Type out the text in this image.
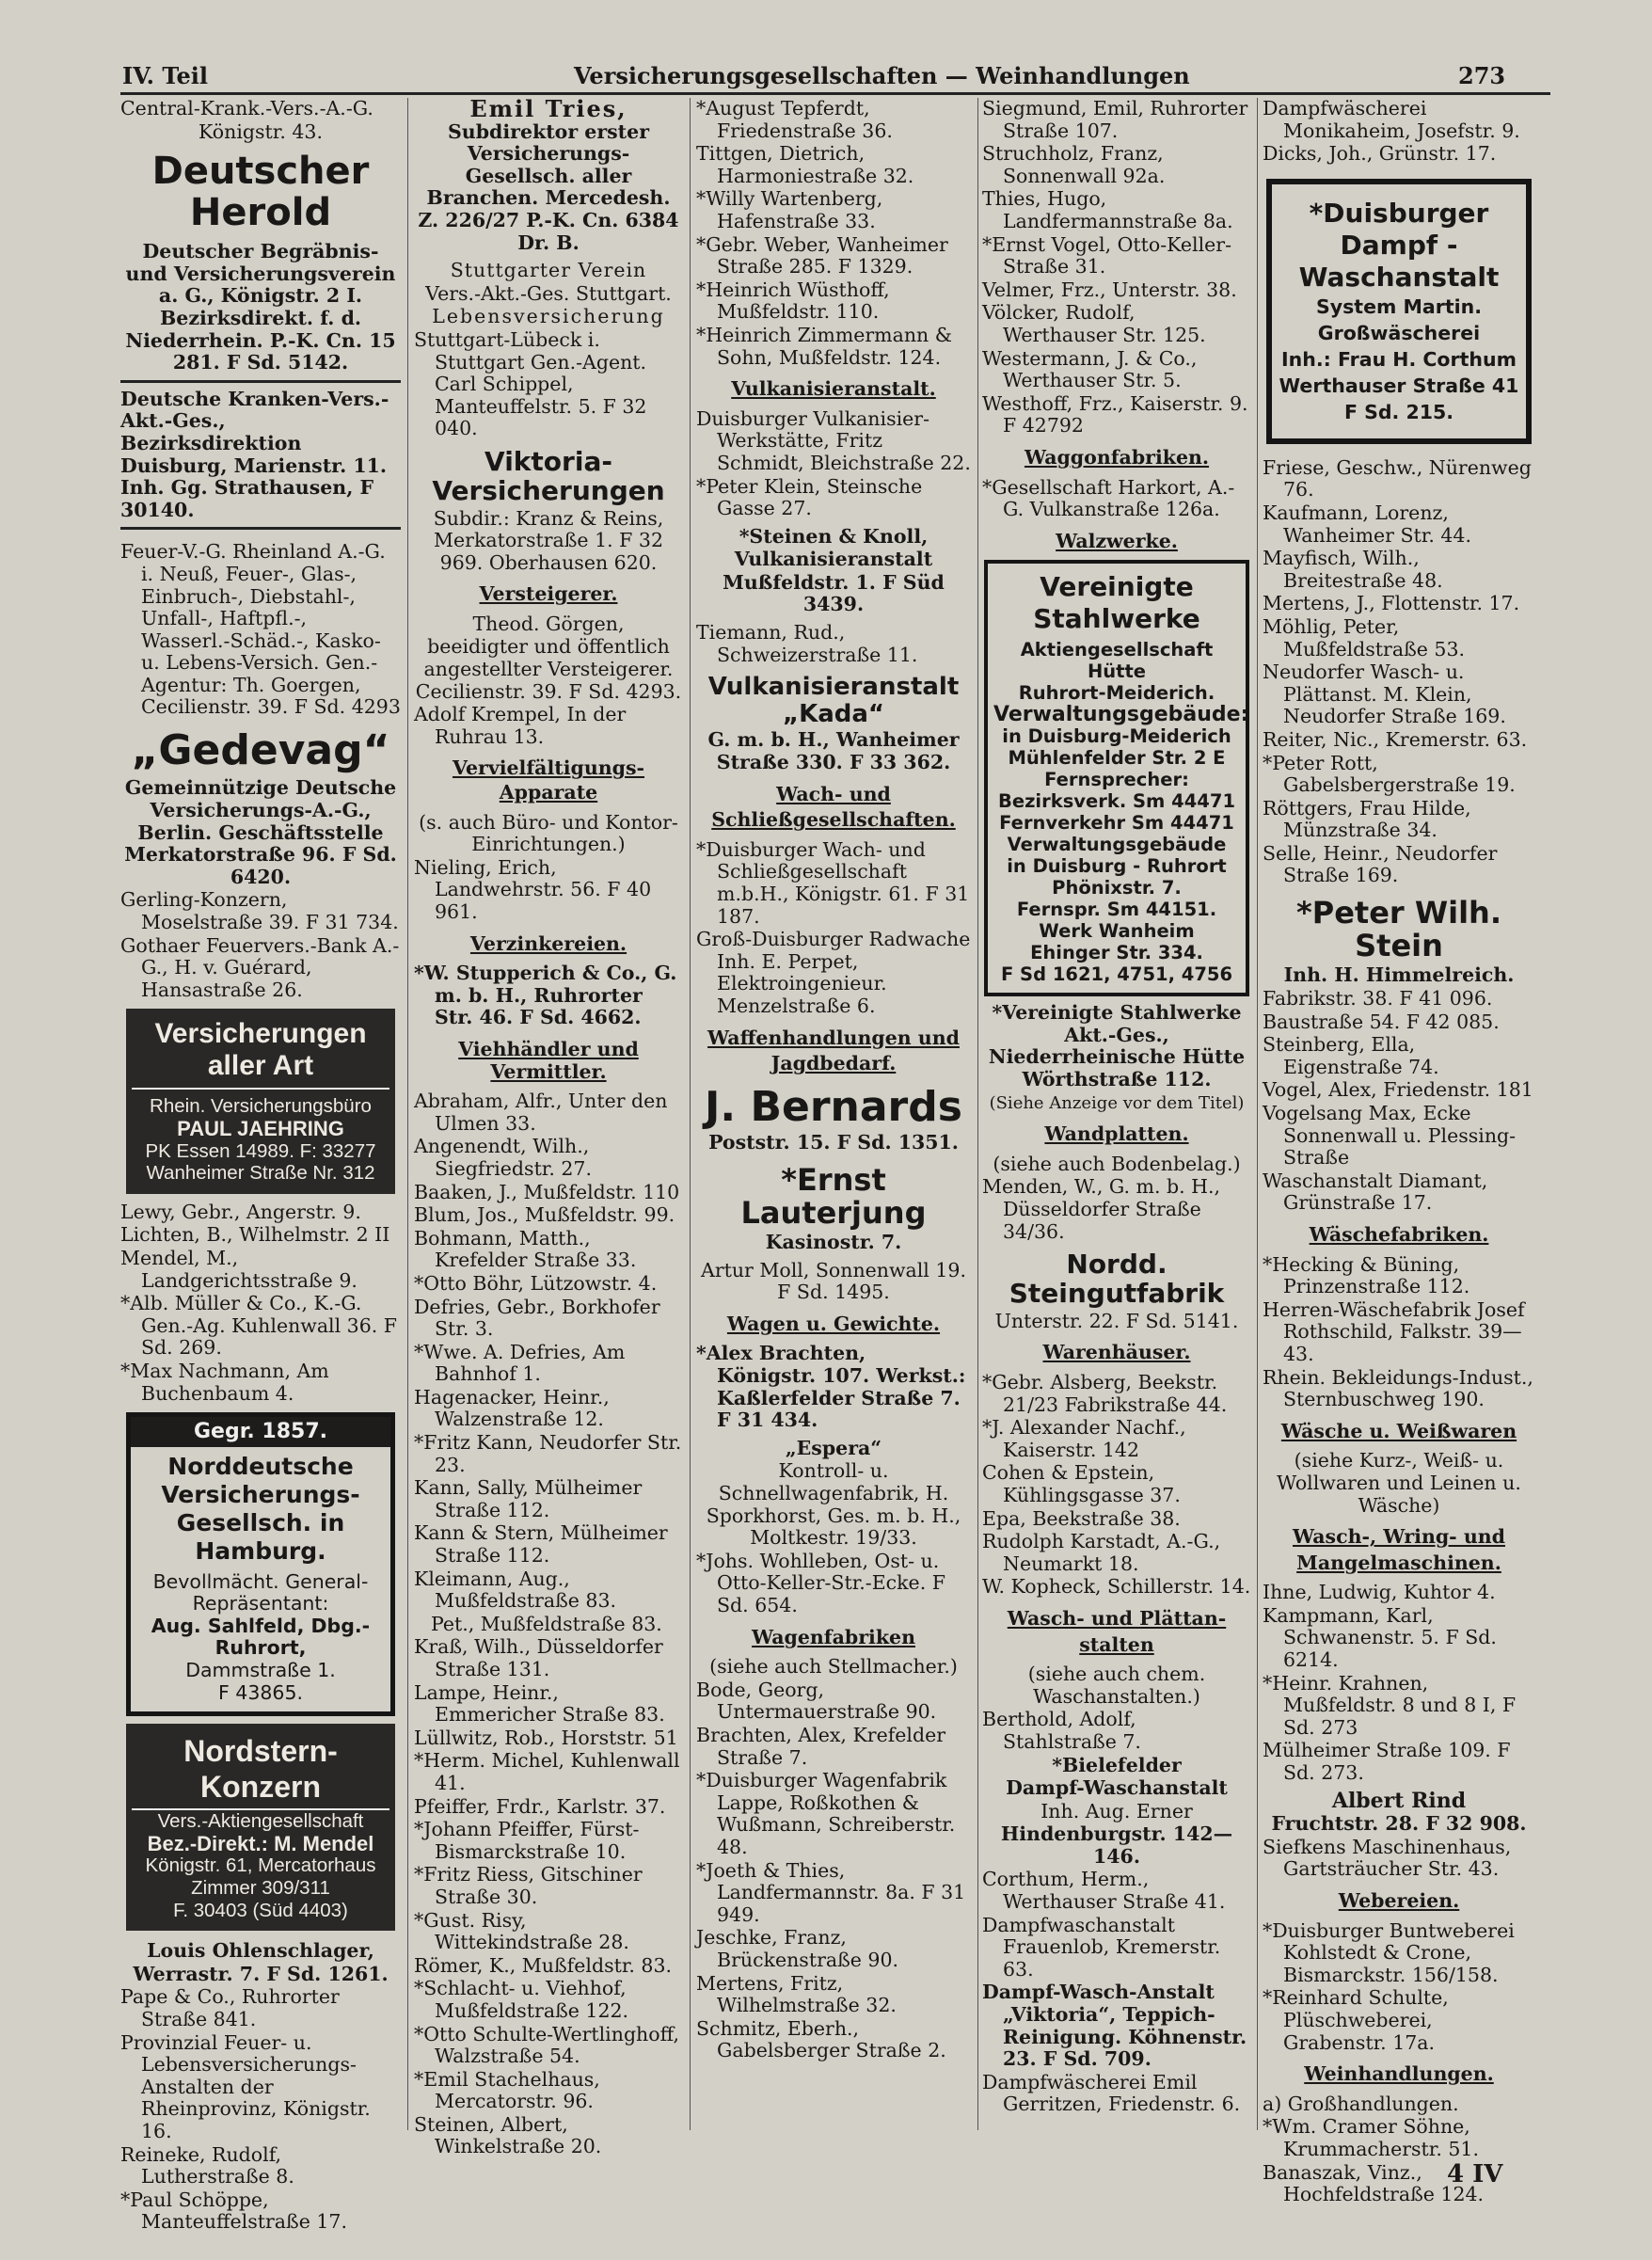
IV. Teil	Versicherungsgesellschaften — Weinhandlungen	273

Central-Krank.-Vers.-A.-G.

Königstr. 43.

Deutscher Herold

Deutscher Begräbnis- und Versicherungsverein a. G., Königstr. 2 I. Bezirksdirekt. f. d. Niederrhein. P.-K. Cn. 15 281. F Sd. 5142.

Deutsche Kranken-Vers.-Akt.-Ges., Bezirksdirektion Duisburg, Marienstr. 11. Inh. Gg. Strathausen, F 30140.

Feuer-V.-G. Rheinland A.-G. i. Neuß, Feuer-, Glas-, Einbruch-, Diebstahl-, Unfall-, Haftpfl.-, Wasserl.-Schäd.-, Kasko- u. Lebens-Versich. Gen.-Agentur: Th. Goergen, Cecilienstr. 39. F Sd. 4293

„Gedevag“

Gemeinnützige Deutsche Versicherungs-A.-G., Berlin. Geschäftsstelle Merkatorstraße 96. F Sd. 6420.

Gerling-Konzern, Moselstraße 39. F 31 734.

Gothaer Feuervers.-Bank A.-G., H. v. Guérard, Hansastraße 26.

Versicherungen aller Art
Rhein. Versicherungsbüro
PAUL JAEHRING
PK Essen 14989. F: 33277
Wanheimer Straße Nr. 312

Lewy, Gebr., Angerstr. 9.

Lichten, B., Wilhelmstr. 2 II

Mendel, M., Landgerichtsstraße 9.

*Alb. Müller & Co., K.-G. Gen.-Ag. Kuhlenwall 36. F Sd. 269.

*Max Nachmann, Am Buchenbaum 4.

Gegr. 1857.
Norddeutsche Versicherungs-Gesellsch. in Hamburg.
Bevollmächt. General-Repräsentant:
Aug. Sahlfeld, Dbg.-Ruhrort,
Dammstraße 1.
F 43865.
Nordstern-Konzern
Vers.-Aktiengesellschaft
Bez.-Direkt.: M. Mendel
Königstr. 61, Mercatorhaus
Zimmer 309/311
F. 30403 (Süd 4403)

Louis Ohlenschlager,

Werrastr. 7. F Sd. 1261.

Pape & Co., Ruhrorter Straße 841.

Provinzial Feuer- u. Lebensversicherungs-Anstalten der Rheinprovinz, Königstr. 16.

Reineke, Rudolf, Lutherstraße 8.

*Paul Schöppe, Manteuffelstraße 17.

Emil Tries,

Subdirektor erster Versicherungs-Gesellsch. aller Branchen. Mercedesh. Z. 226/27 P.-K. Cn. 6384 Dr. B.

Stuttgarter Verein

Vers.-Akt.-Ges. Stuttgart.

Lebensversicherung

Stuttgart-Lübeck i. Stuttgart Gen.-Agent. Carl Schippel, Manteuffelstr. 5. F 32 040.

Viktoria-Versicherungen

Subdir.: Kranz & Reins, Merkatorstraße 1. F 32 969. Oberhausen 620.

Versteigerer.

Theod. Görgen,

beeidigter und öffentlich angestellter Versteigerer. Cecilienstr. 39. F Sd. 4293.

Adolf Krempel, In der Ruhrau 13.

Vervielfältigungs-

Apparate

(s. auch Büro- und Kontor-Einrichtungen.)

Nieling, Erich, Landwehrstr. 56. F 40 961.

Verzinkereien.

*W. Stupperich & Co., G. m. b. H., Ruhrorter Str. 46. F Sd. 4662.

Viehhändler und Vermittler.

Abraham, Alfr., Unter den Ulmen 33.

Angenendt, Wilh., Siegfriedstr. 27.

Baaken, J., Mußfeldstr. 110

Blum, Jos., Mußfeldstr. 99.

Bohmann, Matth., Krefelder Straße 33.

*Otto Böhr, Lützowstr. 4.

Defries, Gebr., Borkhofer Str. 3.

*Wwe. A. Defries, Am Bahnhof 1.

Hagenacker, Heinr., Walzenstraße 12.

*Fritz Kann, Neudorfer Str. 23.

Kann, Sally, Mülheimer Straße 112.

Kann & Stern, Mülheimer Straße 112.

Kleimann, Aug., Mußfeldstraße 83.

Pet., Mußfeldstraße 83.

Kraß, Wilh., Düsseldorfer Straße 131.

Lampe, Heinr., Emmericher Straße 83.

Lüllwitz, Rob., Horststr. 51

*Herm. Michel, Kuhlenwall 41.

Pfeiffer, Frdr., Karlstr. 37.

*Johann Pfeiffer, Fürst-Bismarckstraße 10.

*Fritz Riess, Gitschiner Straße 30.

*Gust. Risy, Wittekindstraße 28.

Römer, K., Mußfeldstr. 83.

*Schlacht- u. Viehhof, Mußfeldstraße 122.

*Otto Schulte-Wertlinghoff, Walzstraße 54.

*Emil Stachelhaus, Mercatorstr. 96.

Steinen, Albert, Winkelstraße 20.

*August Tepferdt, Friedenstraße 36.

Tittgen, Dietrich, Harmoniestraße 32.

*Willy Wartenberg, Hafenstraße 33.

*Gebr. Weber, Wanheimer Straße 285. F 1329.

*Heinrich Wüsthoff, Mußfeldstr. 110.

*Heinrich Zimmermann & Sohn, Mußfeldstr. 124.

Vulkanisieranstalt.

Duisburger Vulkanisier-Werkstätte, Fritz Schmidt, Bleichstraße 22.

*Peter Klein, Steinsche Gasse 27.

*Steinen & Knoll,

Vulkanisieranstalt

Mußfeldstr. 1. F Süd 3439.

Tiemann, Rud., Schweizerstraße 11.

Vulkanisieranstalt „Kada“

G. m. b. H., Wanheimer Straße 330. F 33 362.

Wach- und

Schließgesellschaften.

*Duisburger Wach- und Schließgesellschaft m.b.H., Königstr. 61. F 31 187.

Groß-Duisburger Radwache Inh. E. Perpet, Elektroingenieur. Menzelstraße 6.

Waffenhandlungen und

Jagdbedarf.

J. Bernards

Poststr. 15. F Sd. 1351.

*Ernst Lauterjung

Kasinostr. 7.

Artur Moll, Sonnenwall 19. F Sd. 1495.

Wagen u. Gewichte.

*Alex Brachten, Königstr. 107. Werkst.: Kaßlerfelder Straße 7. F 31 434.

„Espera“

Kontroll- u. Schnellwagenfabrik, H. Sporkhorst, Ges. m. b. H., Moltkestr. 19/33.

*Johs. Wohlleben, Ost- u. Otto-Keller-Str.-Ecke. F Sd. 654.

Wagenfabriken

(siehe auch Stellmacher.)

Bode, Georg, Untermauerstraße 90.

Brachten, Alex, Krefelder Straße 7.

*Duisburger Wagenfabrik Lappe, Roßkothen & Wußmann, Schreiberstr. 48.

*Joeth & Thies, Landfermannstr. 8a. F 31 949.

Jeschke, Franz, Brückenstraße 90.

Mertens, Fritz, Wilhelmstraße 32.

Schmitz, Eberh., Gabelsberger Straße 2.

Siegmund, Emil, Ruhrorter Straße 107.

Struchholz, Franz, Sonnenwall 92a.

Thies, Hugo, Landfermannstraße 8a.

*Ernst Vogel, Otto-Keller-Straße 31.

Velmer, Frz., Unterstr. 38.

Völcker, Rudolf, Werthauser Str. 125.

Westermann, J. & Co., Werthauser Str. 5.

Westhoff, Frz., Kaiserstr. 9. F 42792

Waggonfabriken.

*Gesellschaft Harkort, A.-G. Vulkanstraße 126a.

Walzwerke.

Vereinigte Stahlwerke
Aktiengesellschaft
Hütte
Ruhrort-Meiderich.
Verwaltungsgebäude:
in Duisburg-Meiderich
Mühlenfelder Str. 2 E
Fernsprecher:
Bezirksverk. Sm 44471
Fernverkehr Sm 44471
Verwaltungsgebäude
in Duisburg - Ruhrort
Phönixstr. 7.
Fernspr. Sm 44151.
Werk Wanheim
Ehinger Str. 334.
F Sd 1621, 4751, 4756

*Vereinigte Stahlwerke Akt.-Ges., Niederrheinische Hütte Wörthstraße 112.

(Siehe Anzeige vor dem Titel)

Wandplatten.

(siehe auch Bodenbelag.)

Menden, W., G. m. b. H., Düsseldorfer Straße 34/36.

Nordd. Steingutfabrik

Unterstr. 22. F Sd. 5141.

Warenhäuser.

*Gebr. Alsberg, Beekstr. 21/23 Fabrikstraße 44.

*J. Alexander Nachf., Kaiserstr. 142

Cohen & Epstein, Kühlingsgasse 37.

Epa, Beekstraße 38.

Rudolph Karstadt, A.-G., Neumarkt 18.

W. Kopheck, Schillerstr. 14.

Wasch- und Plättan-

stalten

(siehe auch chem. Waschanstalten.)

Berthold, Adolf, Stahlstraße 7.

*Bielefelder

Dampf-Waschanstalt

Inh. Aug. Erner

Hindenburgstr. 142—146.

Corthum, Herm., Werthauser Straße 41.

Dampfwaschanstalt Frauenlob, Kremerstr. 63.

Dampf-Wasch-Anstalt „Viktoria“, Teppich-Reinigung. Köhnenstr. 23. F Sd. 709.

Dampfwäscherei Emil Gerritzen, Friedenstr. 6.

Dampfwäscherei Monikaheim, Josefstr. 9.

Dicks, Joh., Grünstr. 17.

*Duisburger
Dampf - Waschanstalt
System Martin.
Großwäscherei
Inh.: Frau H. Corthum
Werthauser Straße 41
F Sd. 215.

Friese, Geschw., Nürenweg 76.

Kaufmann, Lorenz, Wanheimer Str. 44.

Mayfisch, Wilh., Breitestraße 48.

Mertens, J., Flottenstr. 17.

Möhlig, Peter, Mußfeldstraße 53.

Neudorfer Wasch- u. Plättanst. M. Klein, Neudorfer Straße 169.

Reiter, Nic., Kremerstr. 63.

*Peter Rott, Gabelsbergerstraße 19.

Röttgers, Frau Hilde, Münzstraße 34.

Selle, Heinr., Neudorfer Straße 169.

*Peter Wilh. Stein

Inh. H. Himmelreich.

Fabrikstr. 38. F 41 096.

Baustraße 54. F 42 085.

Steinberg, Ella, Eigenstraße 74.

Vogel, Alex, Friedenstr. 181

Vogelsang Max, Ecke Sonnenwall u. Plessing-Straße

Waschanstalt Diamant, Grünstraße 17.

Wäschefabriken.

*Hecking & Büning, Prinzenstraße 112.

Herren-Wäschefabrik Josef Rothschild, Falkstr. 39—43.

Rhein. Bekleidungs-Indust., Sternbuschweg 190.

Wäsche u. Weißwaren

(siehe Kurz-, Weiß- u. Wollwaren und Leinen u. Wäsche)

Wasch-, Wring- und

Mangelmaschinen.

Ihne, Ludwig, Kuhtor 4.

Kampmann, Karl, Schwanenstr. 5. F Sd. 6214.

*Heinr. Krahnen, Mußfeldstr. 8 und 8 I, F Sd. 273

Mülheimer Straße 109. F Sd. 273.

Albert Rind

Fruchtstr. 28. F 32 908.

Siefkens Maschinenhaus, Gartsträucher Str. 43.

Webereien.

*Duisburger Buntweberei Kohlstedt & Crone, Bismarckstr. 156/158.

*Reinhard Schulte, Plüschweberei, Grabenstr. 17a.

Weinhandlungen.

a) Großhandlungen.

*Wm. Cramer Söhne, Krummacherstr. 51.

Banaszak, Vinz., Hochfeldstraße 124.

4 IV
